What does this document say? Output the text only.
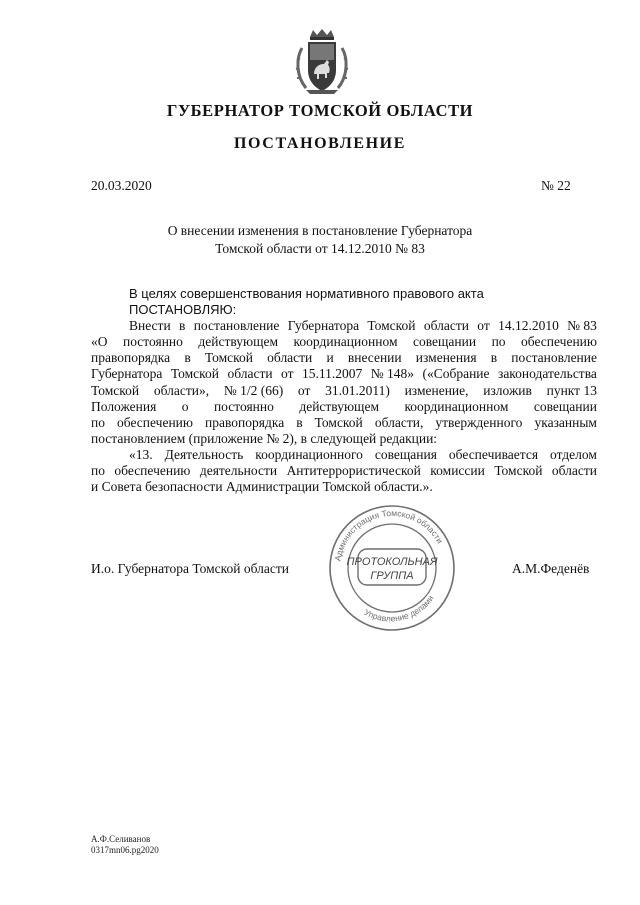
ГУБЕРНАТОР ТОМСКОЙ ОБЛАСТИ
ПОСТАНОВЛЕНИЕ
20.03.2020	№ 22
О внесении изменения в постановление Губернатора
Томской области от 14.12.2010 № 83
В целях совершенствования нормативного правового акта
ПОСТАНОВЛЯЮ:
Внести в постановление Губернатора Томской области от 14.12.2010 № 83
«О постоянно действующем координационном совещании по обеспечению
правопорядка в Томской области и внесении изменения в постановление
Губернатора Томской области от 15.11.2007 № 148» («Собрание законодательства
Томской области», № 1/2 (66) от 31.01.2011) изменение, изложив пункт 13
Положения о постоянно действующем координационном совещании
по обеспечению правопорядка в Томской области, утвержденного указанным
постановлением (приложение № 2), в следующей редакции:
«13. Деятельность координационного совещания обеспечивается отделом
по обеспечению деятельности Антитеррористической комиссии Томской области
и Совета безопасности Администрации Томской области.».
И.о. Губернатора Томской области	А.М.Феденёв
Администрация Томской области
Управление делами
ПРОТОКОЛЬНАЯ
ГРУППА
А.Ф.Селиванов
0317mn06.pg2020
